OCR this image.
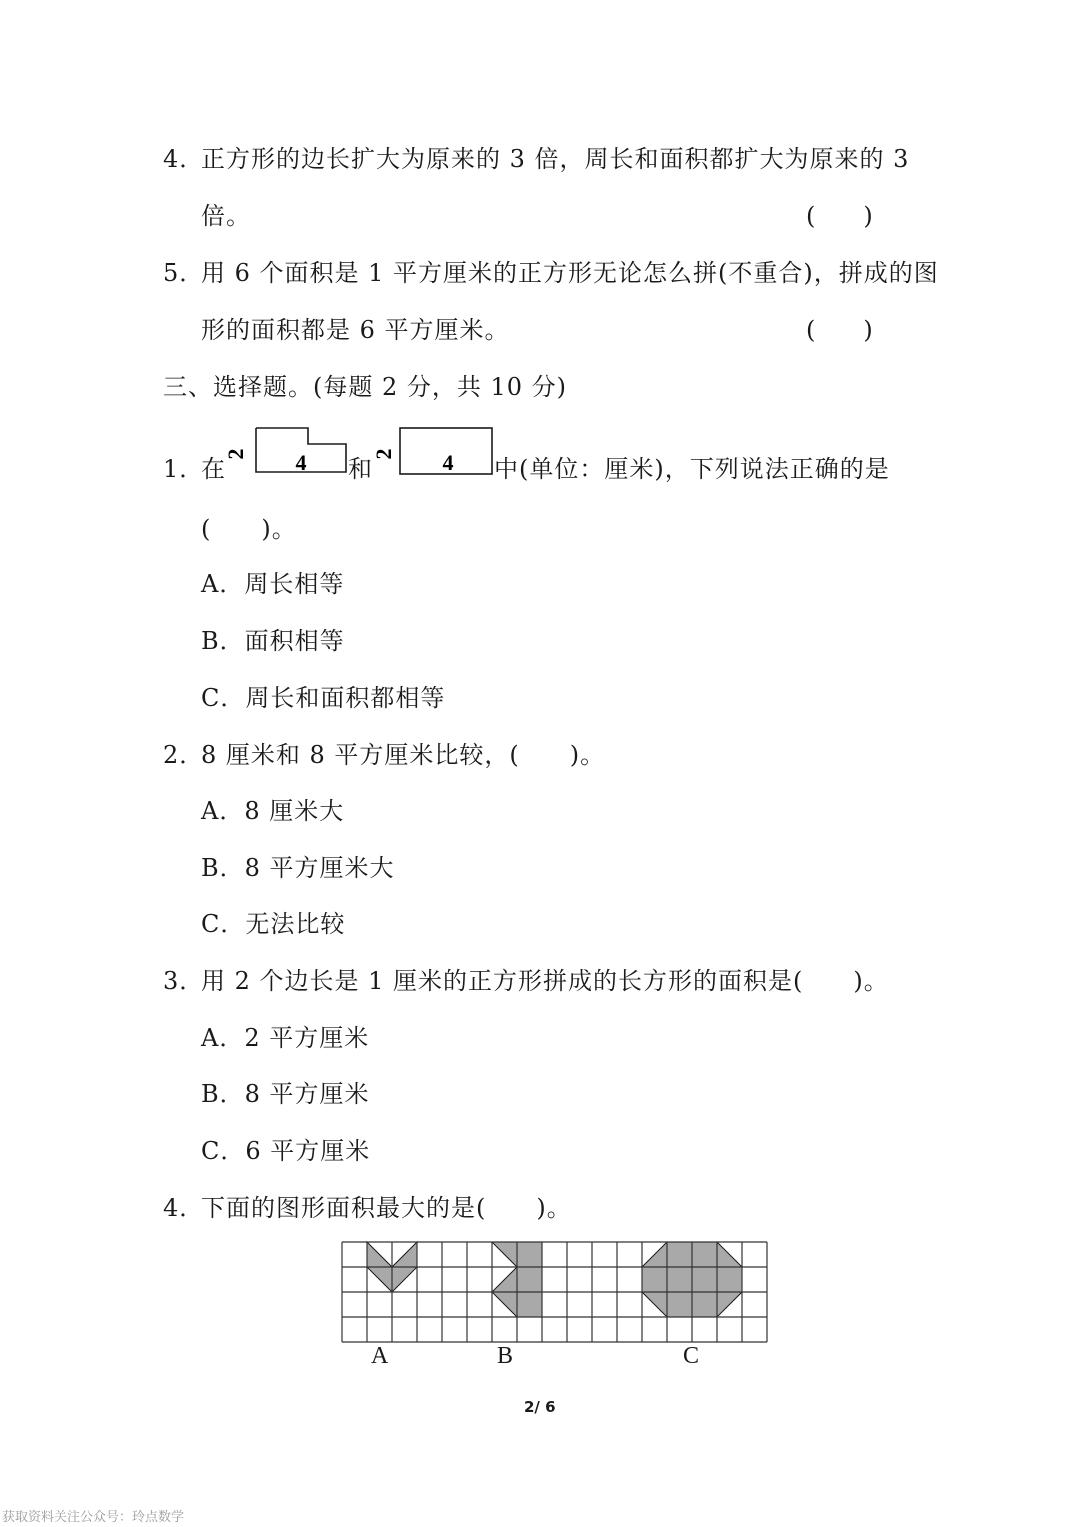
4．正方形的边长扩大为原来的 3 倍，周长和面积都扩大为原来的 3
倍。	(　　)
5．用 6 个面积是 1 平方厘米的正方形无论怎么拼(不重合)，拼成的图
形的面积都是 6 平方厘米。	(　　)
三、选择题。(每题 2 分，共 10 分)
1．
在
2 4 和
2 4 中(单位：厘米)，下列说法正确的是
(　　)。
A．周长相等
B．面积相等
C．周长和面积都相等
2．8 厘米和 8 平方厘米比较，(　　)。
A．8 厘米大
B．8 平方厘米大
C．无法比较
3．用 2 个边长是 1 厘米的正方形拼成的长方形的面积是(　　)。
A．2 平方厘米
B．8 平方厘米
C．6 平方厘米
4．下面的图形面积最大的是(　　)。
A	B	C
2/ 6
获取资料关注公众号：玲点数学
